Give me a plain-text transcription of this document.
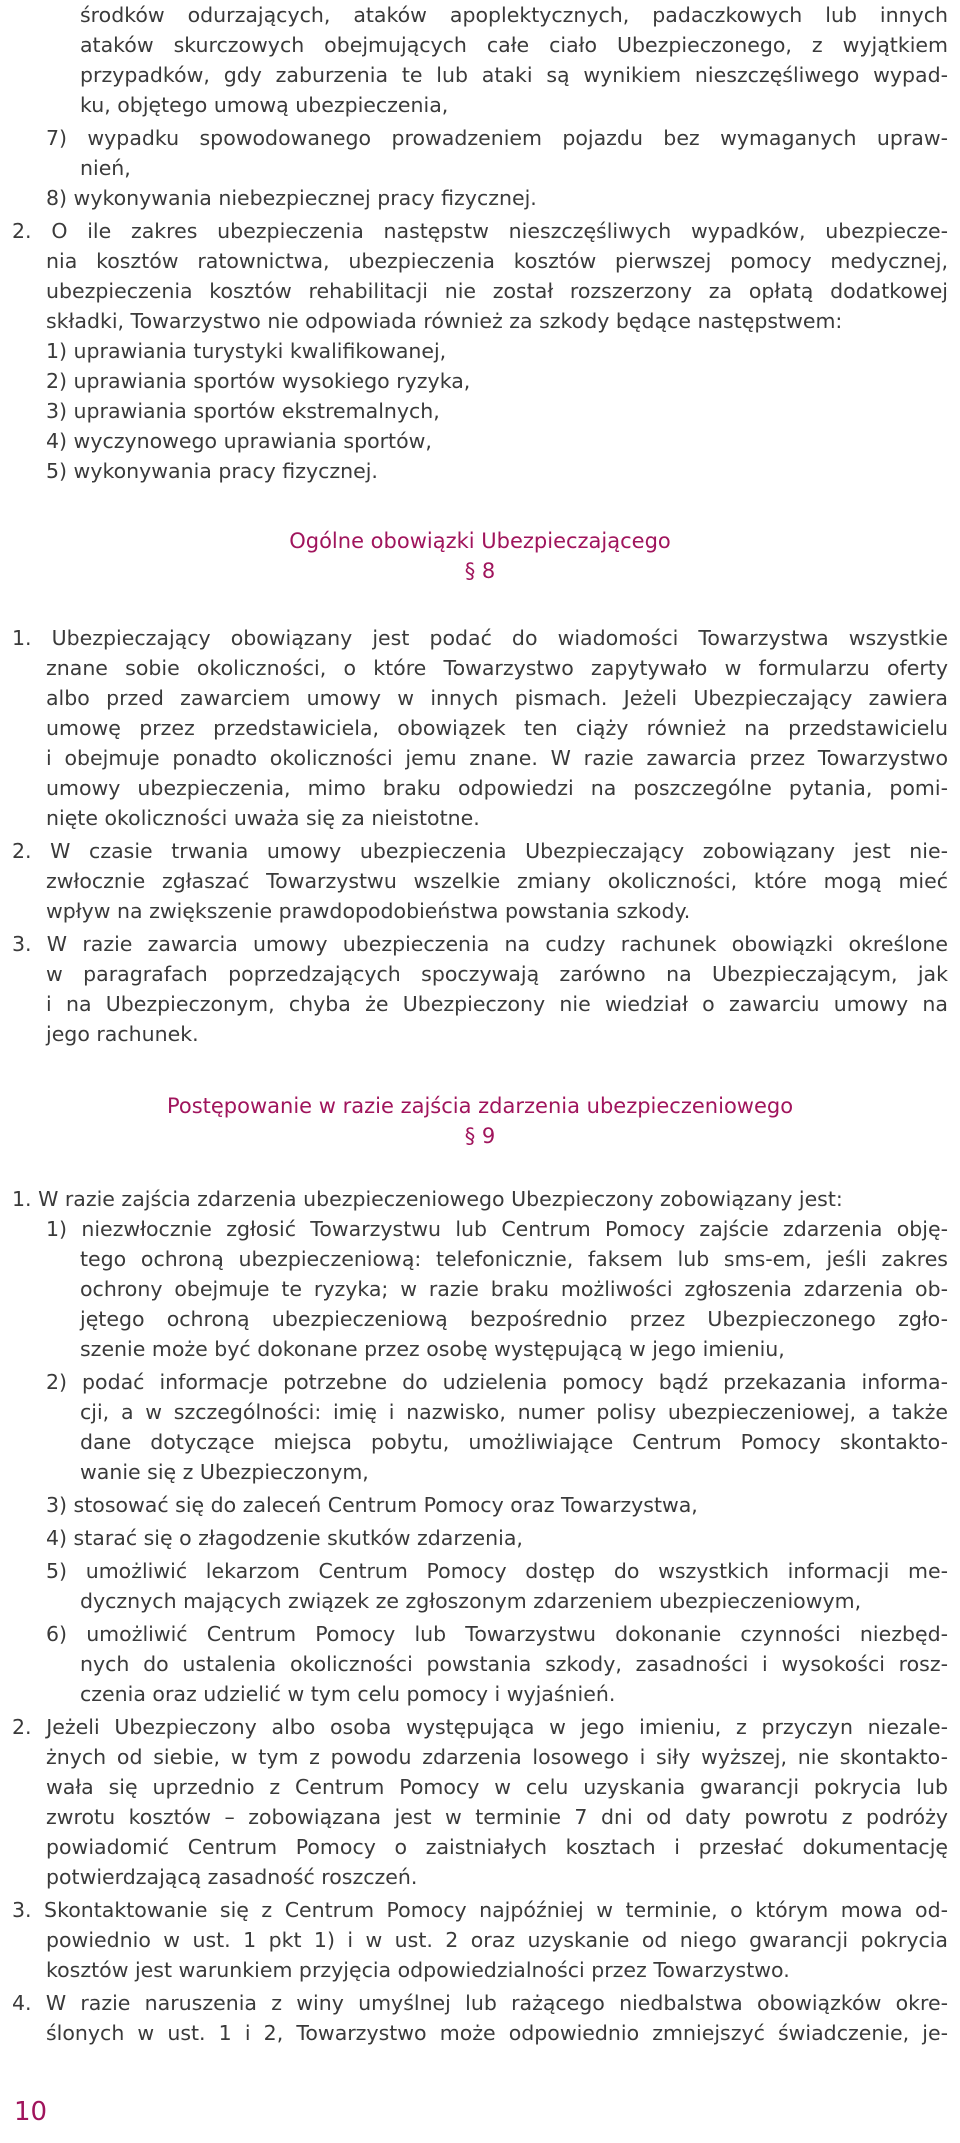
środków odurzających, ataków apoplektycznych, padaczkowych lub innych
ataków skurczowych obejmujących całe ciało Ubezpieczonego, z wyjątkiem
przypadków, gdy zaburzenia te lub ataki są wynikiem nieszczęśliwego wypad-
ku, objętego umową ubezpieczenia,
7) wypadku spowodowanego prowadzeniem pojazdu bez wymaganych upraw-
nień,
8) wykonywania niebezpiecznej pracy fizycznej.
2. O ile zakres ubezpieczenia następstw nieszczęśliwych wypadków, ubezpiecze-
nia kosztów ratownictwa, ubezpieczenia kosztów pierwszej pomocy medycznej,
ubezpieczenia kosztów rehabilitacji nie został rozszerzony za opłatą dodatkowej
składki, Towarzystwo nie odpowiada również za szkody będące następstwem:
1) uprawiania turystyki kwalifikowanej,
2) uprawiania sportów wysokiego ryzyka,
3) uprawiania sportów ekstremalnych,
4) wyczynowego uprawiania sportów,
5) wykonywania pracy fizycznej.
Ogólne obowiązki Ubezpieczającego
§ 8
1. Ubezpieczający obowiązany jest podać do wiadomości Towarzystwa wszystkie
znane sobie okoliczności, o które Towarzystwo zapytywało w formularzu oferty
albo przed zawarciem umowy w innych pismach. Jeżeli Ubezpieczający zawiera
umowę przez przedstawiciela, obowiązek ten ciąży również na przedstawicielu
i obejmuje ponadto okoliczności jemu znane. W razie zawarcia przez Towarzystwo
umowy ubezpieczenia, mimo braku odpowiedzi na poszczególne pytania, pomi-
nięte okoliczności uważa się za nieistotne.
2. W czasie trwania umowy ubezpieczenia Ubezpieczający zobowiązany jest nie-
zwłocznie zgłaszać Towarzystwu wszelkie zmiany okoliczności, które mogą mieć
wpływ na zwiększenie prawdopodobieństwa powstania szkody.
3. W razie zawarcia umowy ubezpieczenia na cudzy rachunek obowiązki określone
w paragrafach poprzedzających spoczywają zarówno na Ubezpieczającym, jak
i na Ubezpieczonym, chyba że Ubezpieczony nie wiedział o zawarciu umowy na
jego rachunek.
Postępowanie w razie zajścia zdarzenia ubezpieczeniowego
§ 9
1. W razie zajścia zdarzenia ubezpieczeniowego Ubezpieczony zobowiązany jest:
1) niezwłocznie zgłosić Towarzystwu lub Centrum Pomocy zajście zdarzenia obję-
tego ochroną ubezpieczeniową: telefonicznie, faksem lub sms-em, jeśli zakres
ochrony obejmuje te ryzyka; w razie braku możliwości zgłoszenia zdarzenia ob-
jętego ochroną ubezpieczeniową bezpośrednio przez Ubezpieczonego zgło-
szenie może być dokonane przez osobę występującą w jego imieniu,
2) podać informacje potrzebne do udzielenia pomocy bądź przekazania informa-
cji, a w szczególności: imię i nazwisko, numer polisy ubezpieczeniowej, a także
dane dotyczące miejsca pobytu, umożliwiające Centrum Pomocy skontakto-
wanie się z Ubezpieczonym,
3) stosować się do zaleceń Centrum Pomocy oraz Towarzystwa,
4) starać się o złagodzenie skutków zdarzenia,
5) umożliwić lekarzom Centrum Pomocy dostęp do wszystkich informacji me-
dycznych mających związek ze zgłoszonym zdarzeniem ubezpieczeniowym,
6) umożliwić Centrum Pomocy lub Towarzystwu dokonanie czynności niezbęd-
nych do ustalenia okoliczności powstania szkody, zasadności i wysokości rosz-
czenia oraz udzielić w tym celu pomocy i wyjaśnień.
2. Jeżeli Ubezpieczony albo osoba występująca w jego imieniu, z przyczyn niezale-
żnych od siebie, w tym z powodu zdarzenia losowego i siły wyższej, nie skontakto-
wała się uprzednio z Centrum Pomocy w celu uzyskania gwarancji pokrycia lub
zwrotu kosztów – zobowiązana jest w terminie 7 dni od daty powrotu z podróży
powiadomić Centrum Pomocy o zaistniałych kosztach i przesłać dokumentację
potwierdzającą zasadność roszczeń.
3. Skontaktowanie się z Centrum Pomocy najpóźniej w terminie, o którym mowa od-
powiednio w ust. 1 pkt 1) i w ust. 2 oraz uzyskanie od niego gwarancji pokrycia
kosztów jest warunkiem przyjęcia odpowiedzialności przez Towarzystwo.
4. W razie naruszenia z winy umyślnej lub rażącego niedbalstwa obowiązków okre-
ślonych w ust. 1 i 2, Towarzystwo może odpowiednio zmniejszyć świadczenie, je-
10
